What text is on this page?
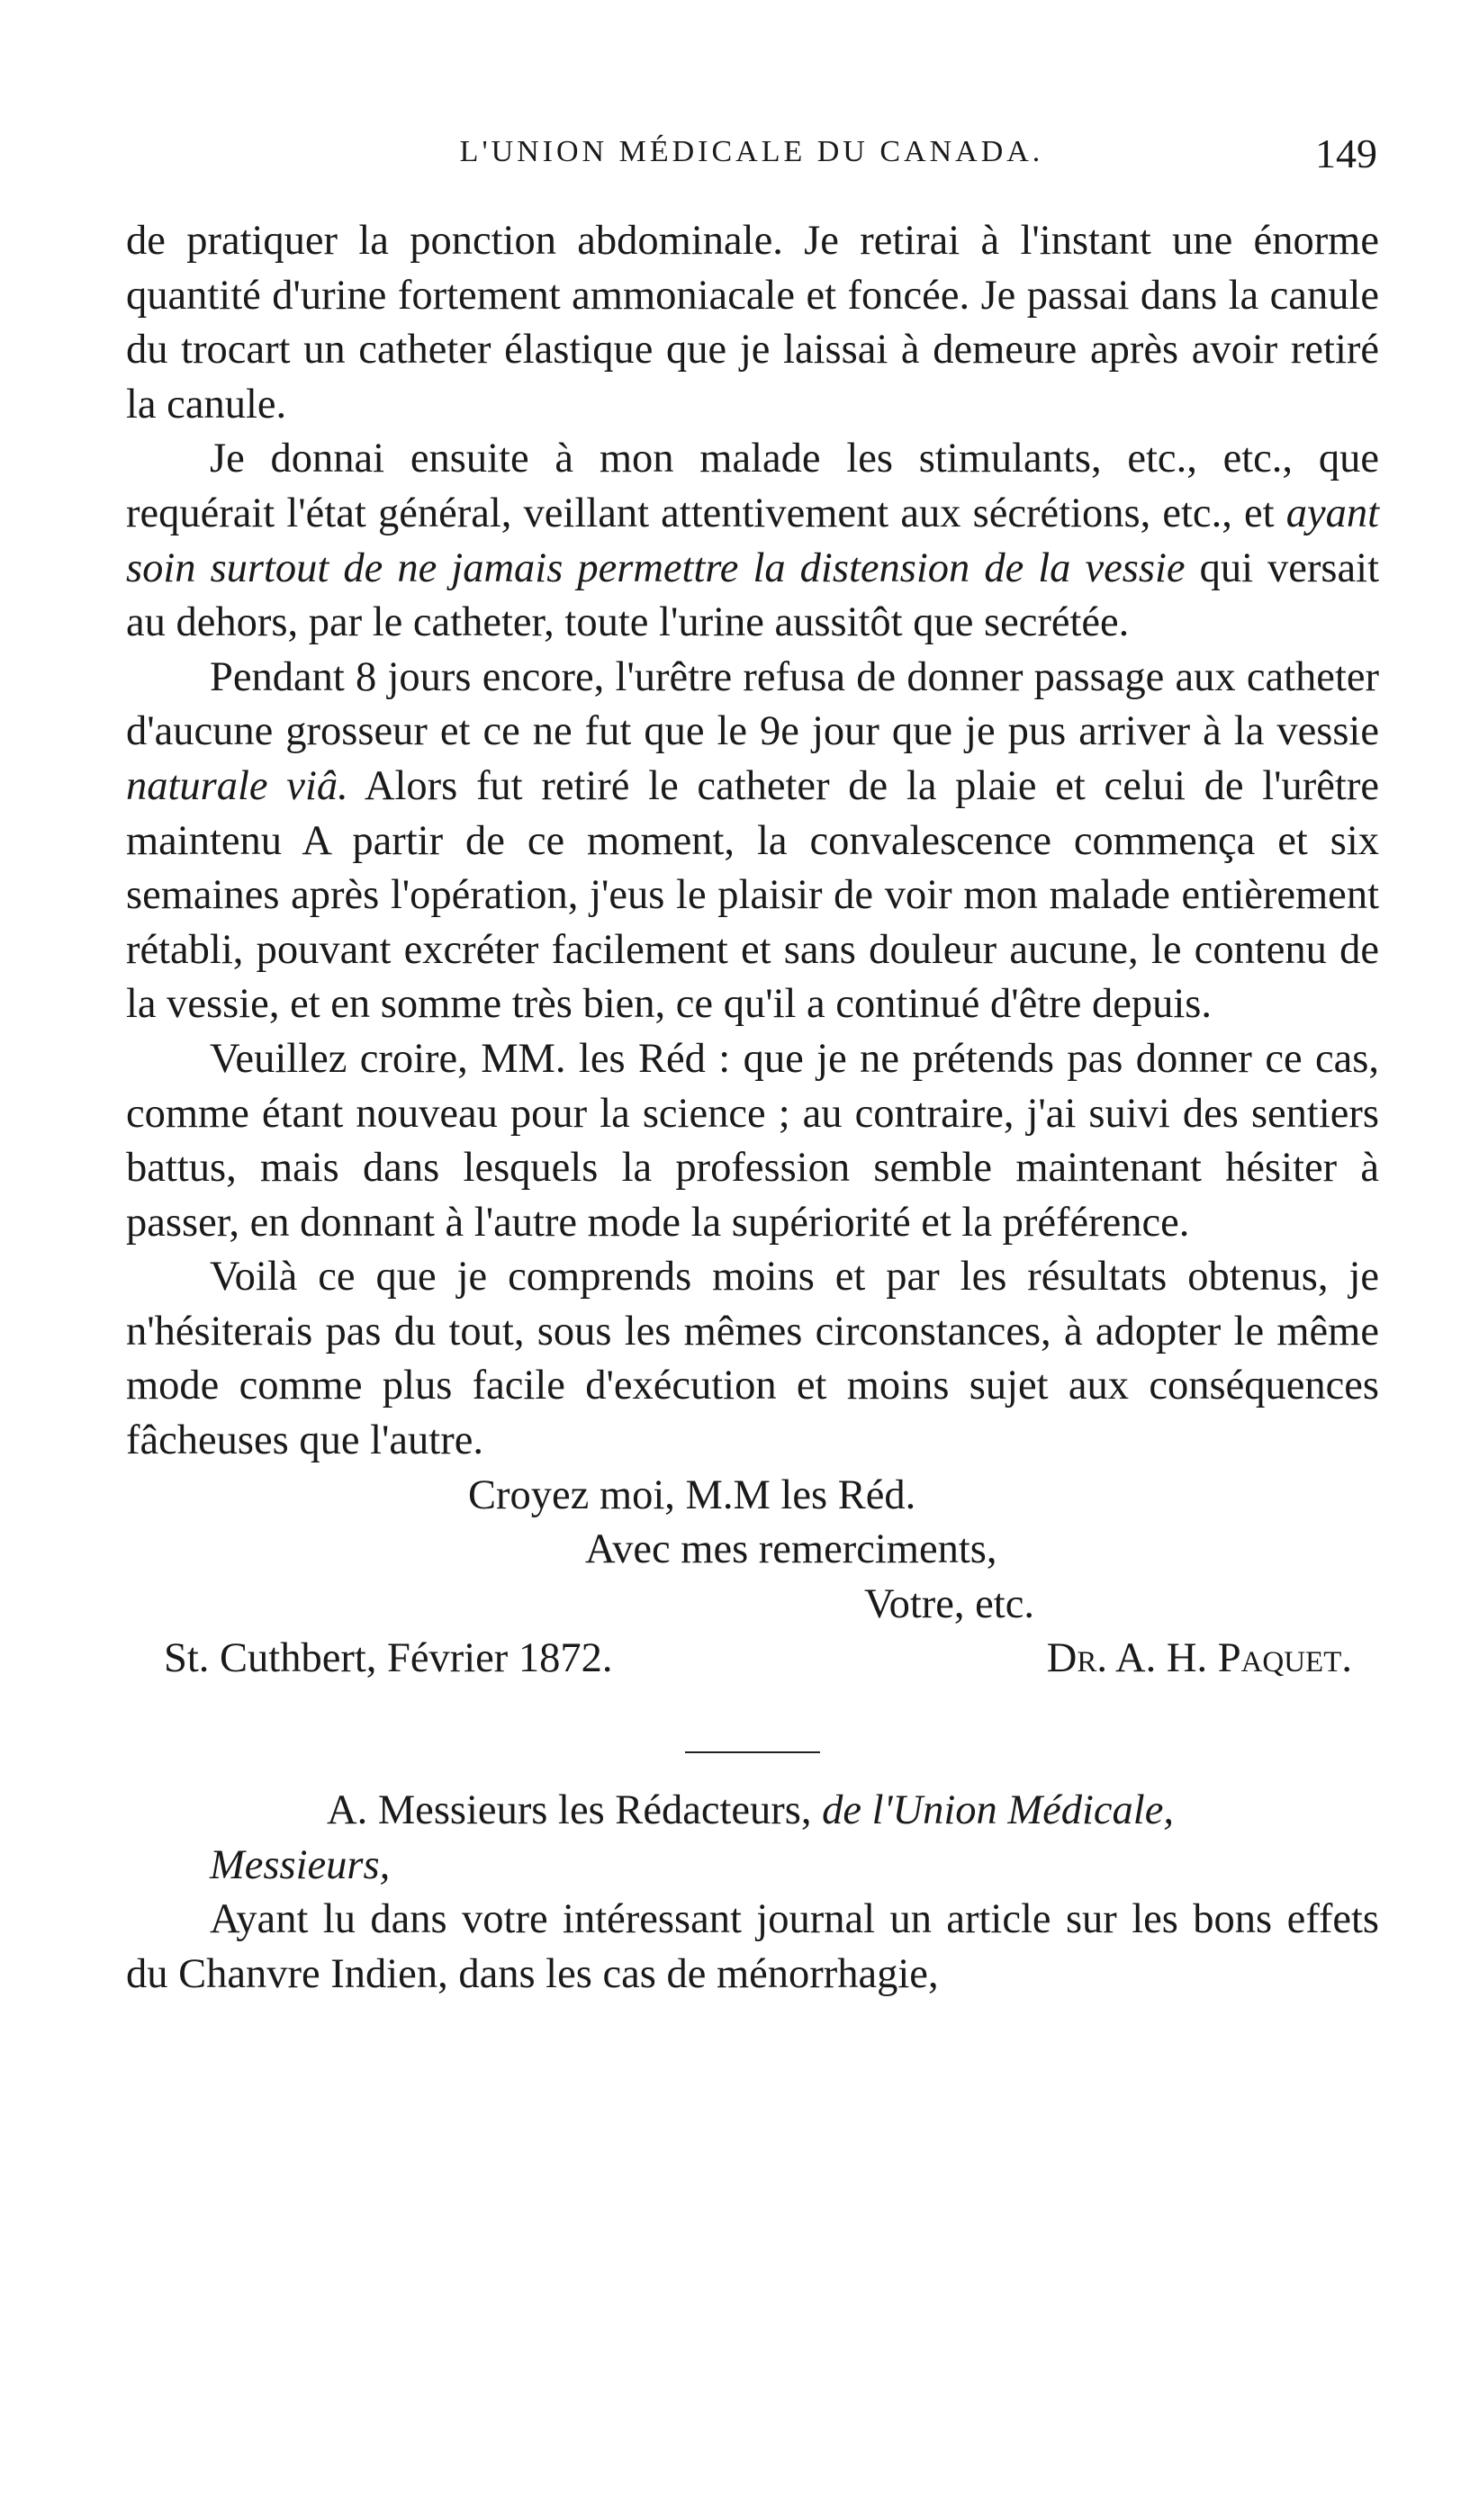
L'UNION MÉDICALE DU CANADA.	149

de pratiquer la ponction abdominale. Je retirai à l'instant une énorme quantité d'urine fortement ammoniacale et foncée. Je passai dans la canule du trocart un catheter élastique que je laissai à demeure après avoir retiré la canule.

Je donnai ensuite à mon malade les stimulants, etc., etc., que requérait l'état général, veillant attentivement aux sécrétions, etc., et ayant soin surtout de ne jamais permettre la distension de la vessie qui versait au dehors, par le catheter, toute l'urine aussitôt que secrétée.

Pendant 8 jours encore, l'urêtre refusa de donner passage aux catheter d'aucune grosseur et ce ne fut que le 9e jour que je pus arriver à la vessie naturale viâ. Alors fut retiré le catheter de la plaie et celui de l'urêtre maintenu A partir de ce moment, la convalescence commença et six semaines après l'opération, j'eus le plaisir de voir mon malade entièrement rétabli, pouvant excréter facilement et sans douleur aucune, le contenu de la vessie, et en somme très bien, ce qu'il a continué d'être depuis.

Veuillez croire, MM. les Réd : que je ne prétends pas donner ce cas, comme étant nouveau pour la science ; au contraire, j'ai suivi des sentiers battus, mais dans lesquels la profession semble maintenant hésiter à passer, en donnant à l'autre mode la supériorité et la préférence.

Voilà ce que je comprends moins et par les résultats obtenus, je n'hésiterais pas du tout, sous les mêmes circonstances, à adopter le même mode comme plus facile d'exécution et moins sujet aux conséquences fâcheuses que l'autre.

Croyez moi, M.M les Réd.
Avec mes remerciments,
Votre, etc.
St. Cuthbert, Février 1872.	Dr. A. H. Paquet.

A. Messieurs les Rédacteurs, de l'Union Médicale,

Messieurs,

Ayant lu dans votre intéressant journal un article sur les bons effets du Chanvre Indien, dans les cas de ménorrhagie,
